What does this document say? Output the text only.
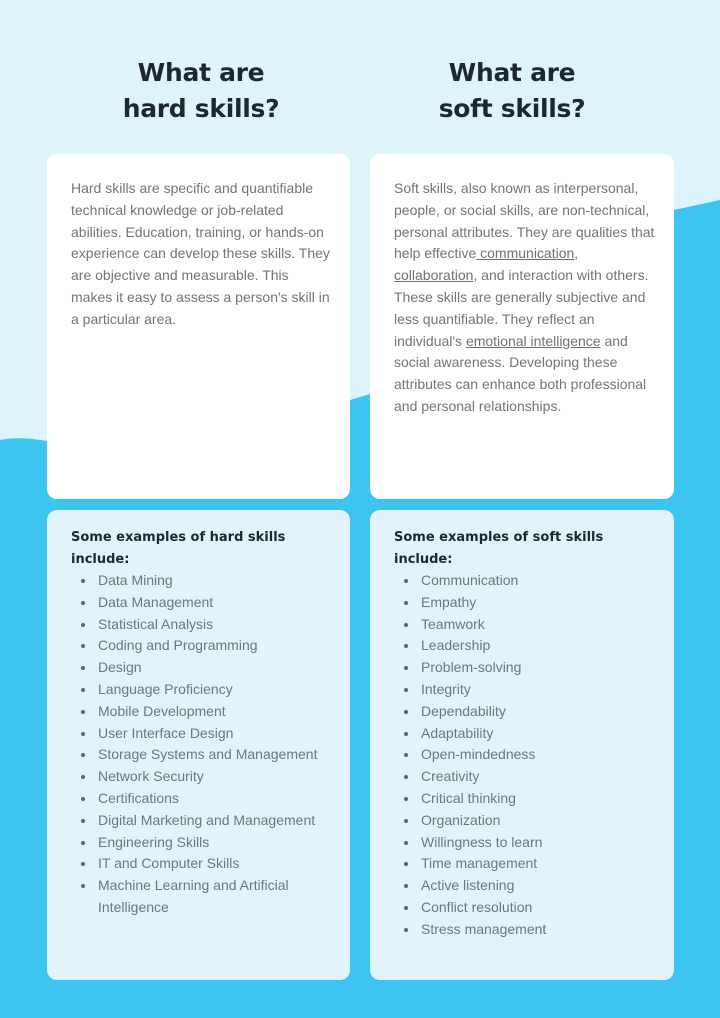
What are
hard skills?
What are
soft skills?

Hard skills are specific and quantifiable technical knowledge or job-related abilities. Education, training, or hands-on experience can develop these skills. They are objective and measurable. This makes it easy to assess a person's skill in a particular area.

Soft skills, also known as interpersonal, people, or social skills, are non-technical, personal attributes. They are qualities that help effective communication, collaboration, and interaction with others. These skills are generally subjective and less quantifiable. They reflect an individual's emotional intelligence and social awareness. Developing these attributes can enhance both professional and personal relationships.

Some examples of hard skills include:

Data Mining
Data Management
Statistical Analysis
Coding and Programming
Design
Language Proficiency
Mobile Development
User Interface Design
Storage Systems and Management
Network Security
Certifications
Digital Marketing and Management
Engineering Skills
IT and Computer Skills
Machine Learning and Artificial Intelligence

Some examples of soft skills include:

Communication
Empathy
Teamwork
Leadership
Problem-solving
Integrity
Dependability
Adaptability
Open-mindedness
Creativity
Critical thinking
Organization
Willingness to learn
Time management
Active listening
Conflict resolution
Stress management
